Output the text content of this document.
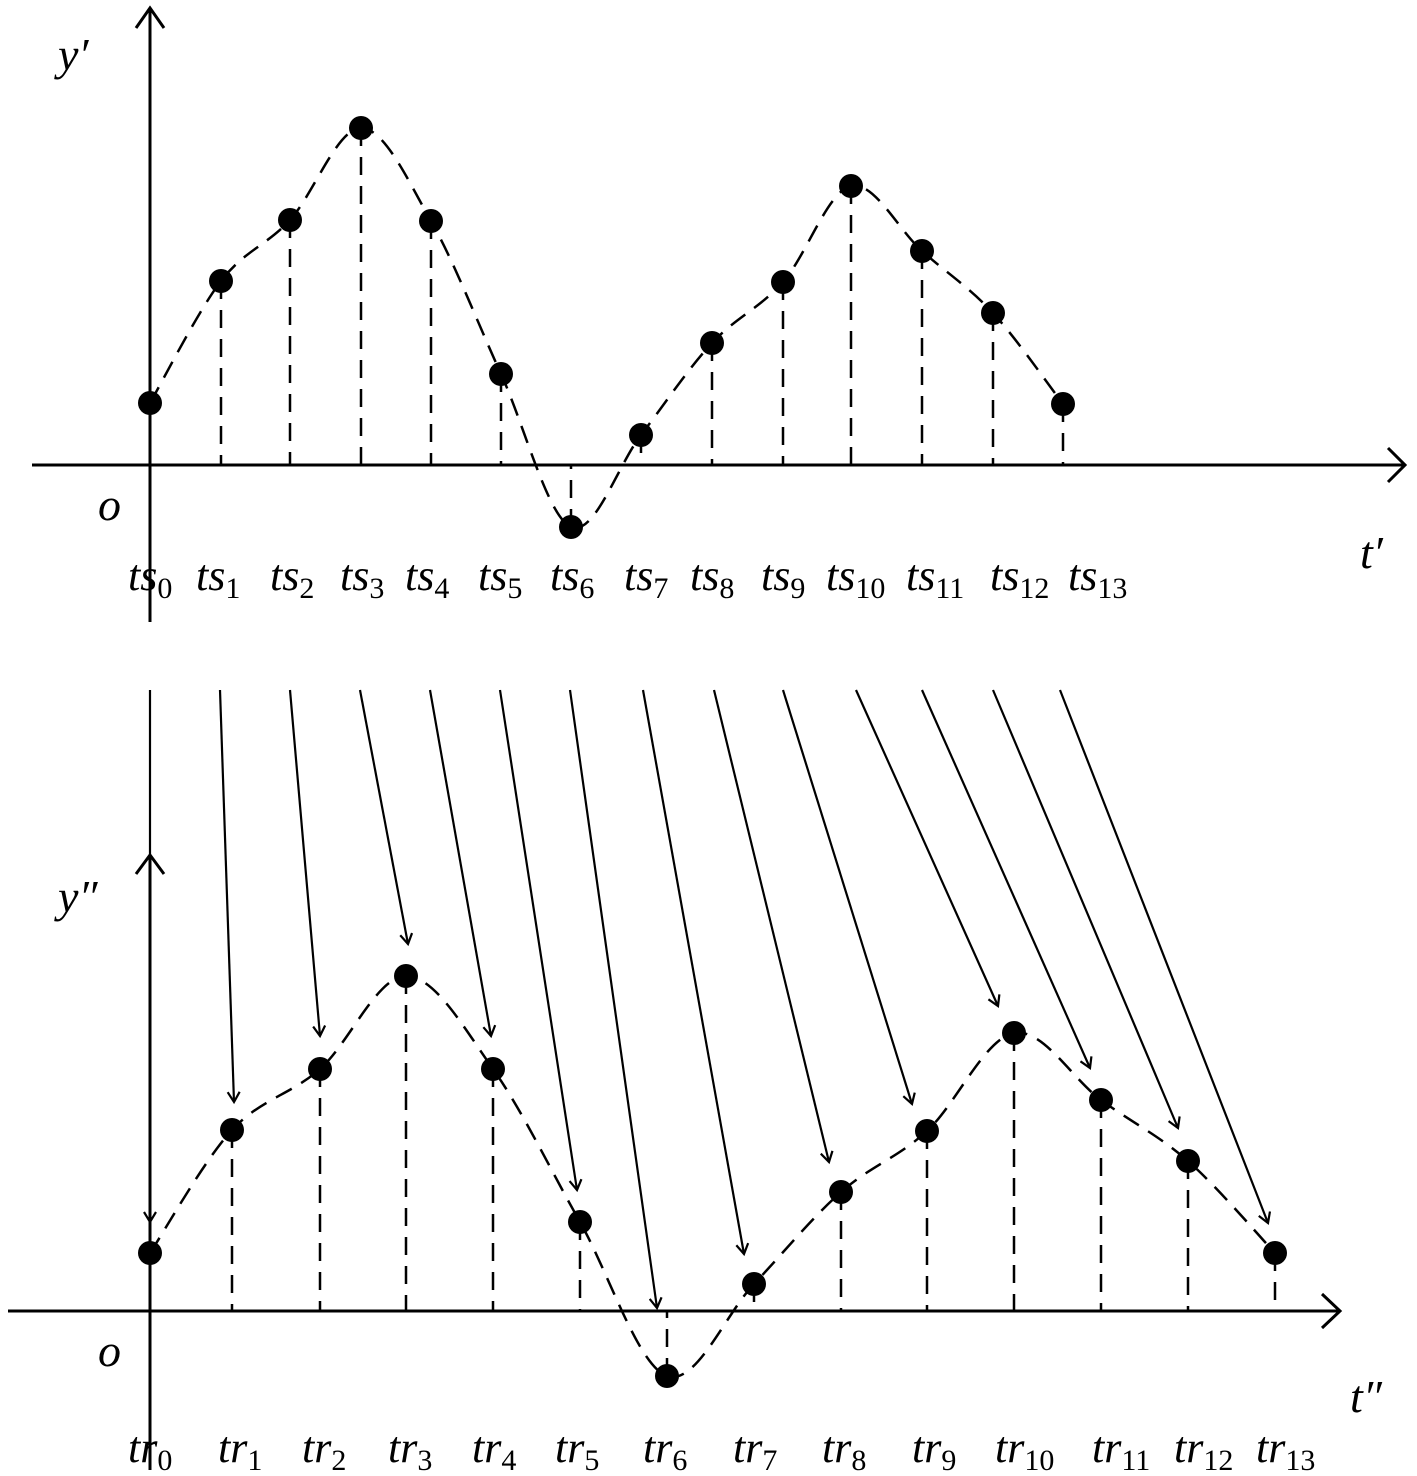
y′
t′
o
ts0 ts1 ts2 ts3 ts4 ts5 ts6 ts7 ts8 ts9 ts10 ts11 ts12 ts13
y″
t″
o
tr0 tr1 tr2 tr3 tr4 tr5 tr6 tr7 tr8 tr9 tr10 tr11 tr12 tr13
